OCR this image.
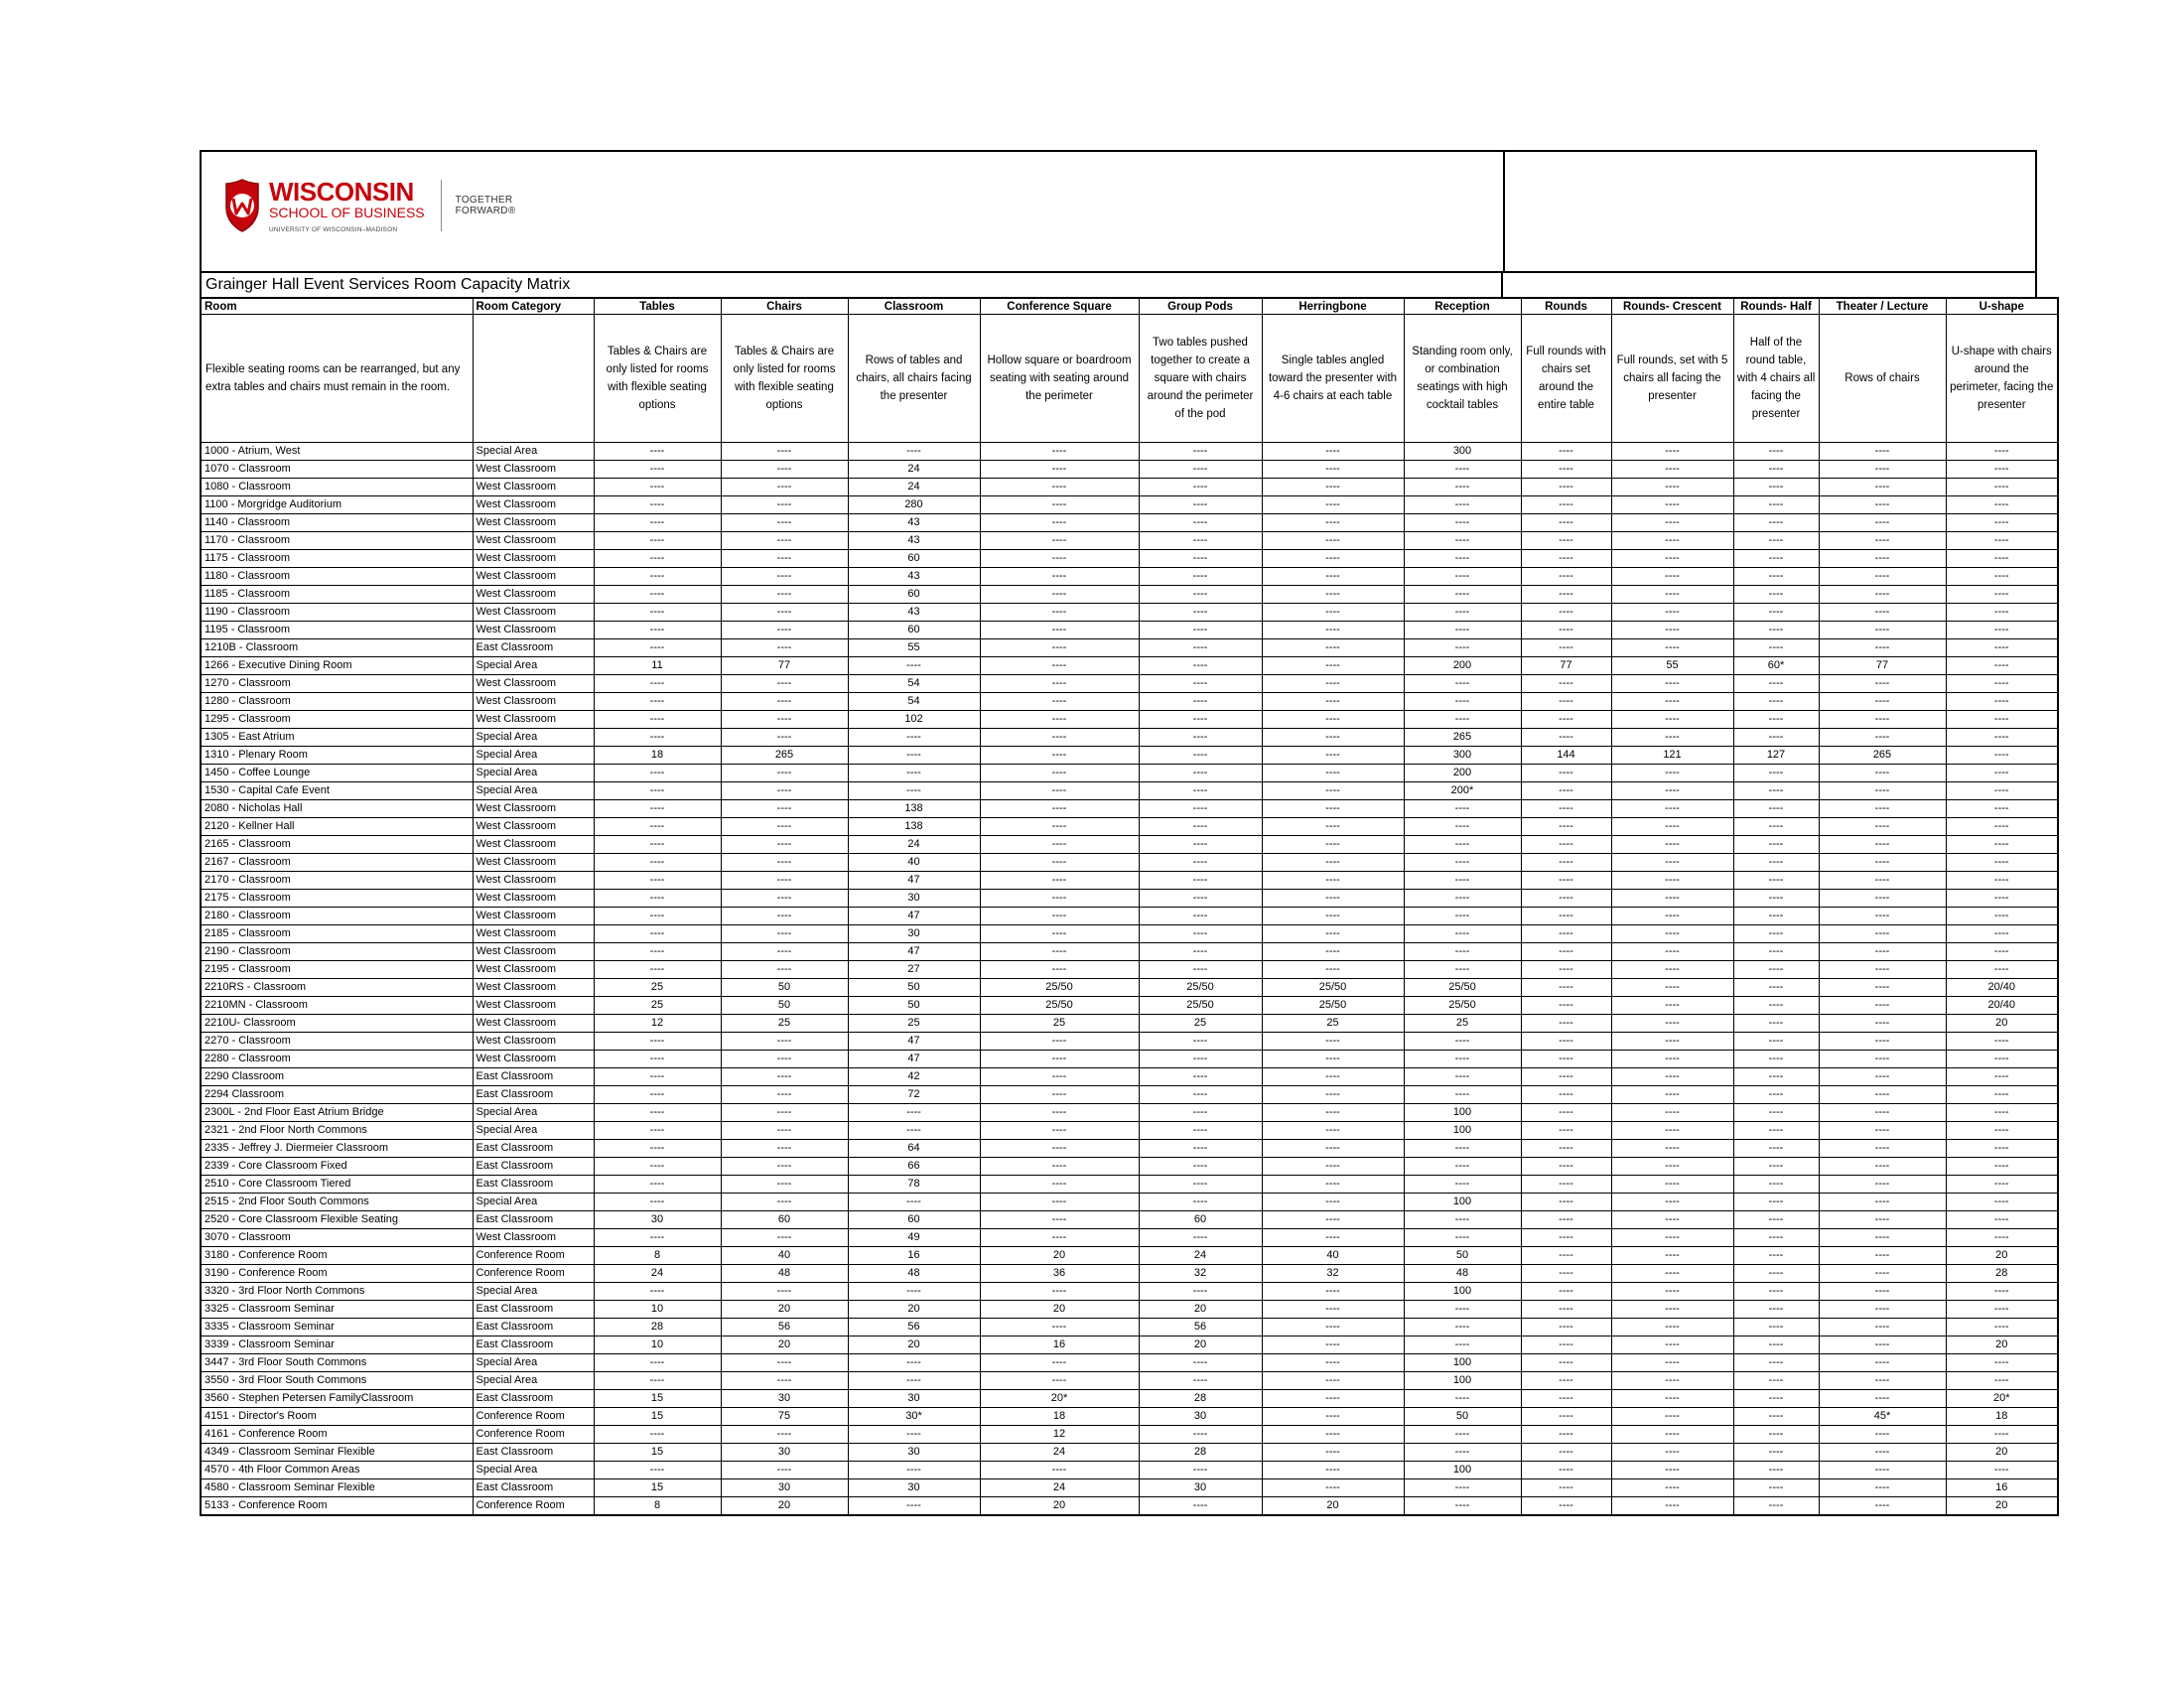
WISCONSIN
SCHOOL OF BUSINESS
UNIVERSITY OF WISCONSIN–MADISON
TOGETHER
FORWARD®
Grainger Hall Event Services Room Capacity Matrix
Room	Room Category	Tables	Chairs	Classroom	Conference Square	Group Pods	Herringbone	Reception	Rounds	Rounds- Crescent	Rounds- Half	Theater / Lecture	U-shape
Flexible seating rooms can be rearranged, but any extra tables and chairs must remain in the room.		Tables & Chairs are only listed for rooms with flexible seating options	Tables & Chairs are only listed for rooms with flexible seating options	Rows of tables and chairs, all chairs facing the presenter	Hollow square or boardroom seating with seating around the perimeter	Two tables pushed together to create a square with chairs around the perimeter of the pod	Single tables angled toward the presenter with 4-6 chairs at each table	Standing room only, or combination seatings with high cocktail tables	Full rounds with chairs set around the entire table	Full rounds, set with 5 chairs all facing the presenter	Half of the round table, with 4 chairs all facing the presenter	Rows of chairs	U-shape with chairs around the perimeter, facing the presenter
1000 - Atrium, West	Special Area	----	----	----	----	----	----	300	----	----	----	----	----
1070 - Classroom	West Classroom	----	----	24	----	----	----	----	----	----	----	----	----
1080 - Classroom	West Classroom	----	----	24	----	----	----	----	----	----	----	----	----
1100 - Morgridge Auditorium	West Classroom	----	----	280	----	----	----	----	----	----	----	----	----
1140 - Classroom	West Classroom	----	----	43	----	----	----	----	----	----	----	----	----
1170 - Classroom	West Classroom	----	----	43	----	----	----	----	----	----	----	----	----
1175 - Classroom	West Classroom	----	----	60	----	----	----	----	----	----	----	----	----
1180 - Classroom	West Classroom	----	----	43	----	----	----	----	----	----	----	----	----
1185 - Classroom	West Classroom	----	----	60	----	----	----	----	----	----	----	----	----
1190 - Classroom	West Classroom	----	----	43	----	----	----	----	----	----	----	----	----
1195 - Classroom	West Classroom	----	----	60	----	----	----	----	----	----	----	----	----
1210B - Classroom	East Classroom	----	----	55	----	----	----	----	----	----	----	----	----
1266 - Executive Dining Room	Special Area	11	77	----	----	----	----	200	77	55	60*	77	----
1270 - Classroom	West Classroom	----	----	54	----	----	----	----	----	----	----	----	----
1280 - Classroom	West Classroom	----	----	54	----	----	----	----	----	----	----	----	----
1295 - Classroom	West Classroom	----	----	102	----	----	----	----	----	----	----	----	----
1305 - East Atrium	Special Area	----	----	----	----	----	----	265	----	----	----	----	----
1310 - Plenary Room	Special Area	18	265	----	----	----	----	300	144	121	127	265	----
1450 - Coffee Lounge	Special Area	----	----	----	----	----	----	200	----	----	----	----	----
1530 - Capital Cafe Event	Special Area	----	----	----	----	----	----	200*	----	----	----	----	----
2080 - Nicholas Hall	West Classroom	----	----	138	----	----	----	----	----	----	----	----	----
2120 - Kellner Hall	West Classroom	----	----	138	----	----	----	----	----	----	----	----	----
2165 - Classroom	West Classroom	----	----	24	----	----	----	----	----	----	----	----	----
2167 - Classroom	West Classroom	----	----	40	----	----	----	----	----	----	----	----	----
2170 - Classroom	West Classroom	----	----	47	----	----	----	----	----	----	----	----	----
2175 - Classroom	West Classroom	----	----	30	----	----	----	----	----	----	----	----	----
2180 - Classroom	West Classroom	----	----	47	----	----	----	----	----	----	----	----	----
2185 - Classroom	West Classroom	----	----	30	----	----	----	----	----	----	----	----	----
2190 - Classroom	West Classroom	----	----	47	----	----	----	----	----	----	----	----	----
2195 - Classroom	West Classroom	----	----	27	----	----	----	----	----	----	----	----	----
2210RS - Classroom	West Classroom	25	50	50	25/50	25/50	25/50	25/50	----	----	----	----	20/40
2210MN - Classroom	West Classroom	25	50	50	25/50	25/50	25/50	25/50	----	----	----	----	20/40
2210U- Classroom	West Classroom	12	25	25	25	25	25	25	----	----	----	----	20
2270 - Classroom	West Classroom	----	----	47	----	----	----	----	----	----	----	----	----
2280 - Classroom	West Classroom	----	----	47	----	----	----	----	----	----	----	----	----
2290 Classroom	East Classroom	----	----	42	----	----	----	----	----	----	----	----	----
2294 Classroom	East Classroom	----	----	72	----	----	----	----	----	----	----	----	----
2300L - 2nd Floor East Atrium Bridge	Special Area	----	----	----	----	----	----	100	----	----	----	----	----
2321 - 2nd Floor North Commons	Special Area	----	----	----	----	----	----	100	----	----	----	----	----
2335 - Jeffrey J. Diermeier Classroom	East Classroom	----	----	64	----	----	----	----	----	----	----	----	----
2339 - Core Classroom Fixed	East Classroom	----	----	66	----	----	----	----	----	----	----	----	----
2510 - Core Classroom Tiered	East Classroom	----	----	78	----	----	----	----	----	----	----	----	----
2515 - 2nd Floor South Commons	Special Area	----	----	----	----	----	----	100	----	----	----	----	----
2520 - Core Classroom Flexible Seating	East Classroom	30	60	60	----	60	----	----	----	----	----	----	----
3070 - Classroom	West Classroom	----	----	49	----	----	----	----	----	----	----	----	----
3180 - Conference Room	Conference Room	8	40	16	20	24	40	50	----	----	----	----	20
3190 - Conference Room	Conference Room	24	48	48	36	32	32	48	----	----	----	----	28
3320 - 3rd Floor North Commons	Special Area	----	----	----	----	----	----	100	----	----	----	----	----
3325 - Classroom Seminar	East Classroom	10	20	20	20	20	----	----	----	----	----	----	----
3335 - Classroom Seminar	East Classroom	28	56	56	----	56	----	----	----	----	----	----	----
3339 - Classroom Seminar	East Classroom	10	20	20	16	20	----	----	----	----	----	----	20
3447 - 3rd Floor South Commons	Special Area	----	----	----	----	----	----	100	----	----	----	----	----
3550 - 3rd Floor South Commons	Special Area	----	----	----	----	----	----	100	----	----	----	----	----
3560 - Stephen Petersen FamilyClassroom	East Classroom	15	30	30	20*	28	----	----	----	----	----	----	20*
4151 - Director's Room	Conference Room	15	75	30*	18	30	----	50	----	----	----	45*	18
4161 - Conference Room	Conference Room	----	----	----	12	----	----	----	----	----	----	----	----
4349 - Classroom Seminar Flexible	East Classroom	15	30	30	24	28	----	----	----	----	----	----	20
4570 - 4th Floor Common Areas	Special Area	----	----	----	----	----	----	100	----	----	----	----	----
4580 - Classroom Seminar Flexible	East Classroom	15	30	30	24	30	----	----	----	----	----	----	16
5133 - Conference Room	Conference Room	8	20	----	20	----	20	----	----	----	----	----	20
